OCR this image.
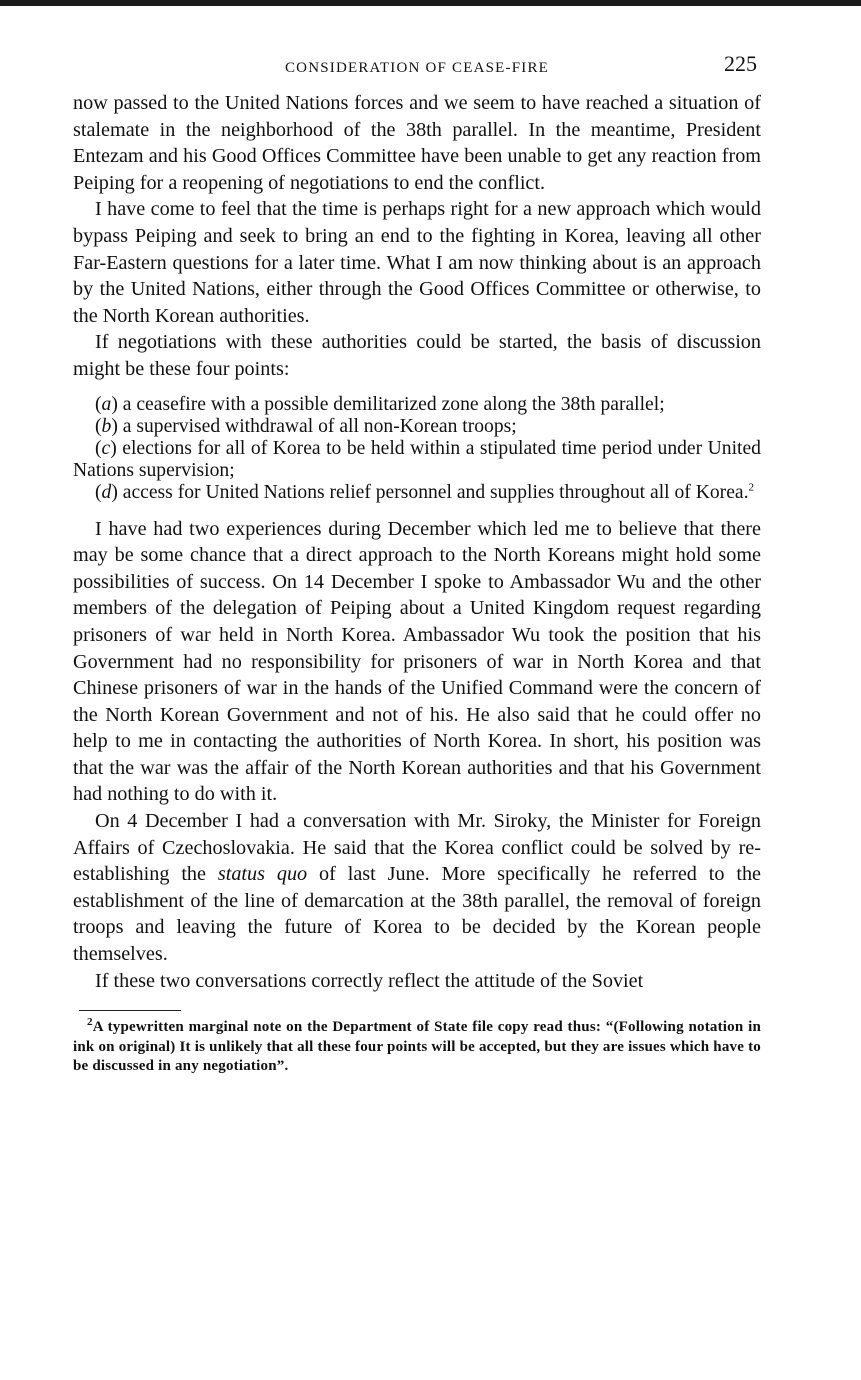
CONSIDERATION OF CEASE-FIRE	225

now passed to the United Nations forces and we seem to have reached a situation of stalemate in the neighborhood of the 38th parallel. In the meantime, President Entezam and his Good Offices Committee have been unable to get any reaction from Peiping for a reopening of negotiations to end the conflict.

I have come to feel that the time is perhaps right for a new approach which would bypass Peiping and seek to bring an end to the fighting in Korea, leaving all other Far-Eastern questions for a later time. What I am now thinking about is an approach by the United Nations, either through the Good Offices Committee or otherwise, to the North Korean authorities.

If negotiations with these authorities could be started, the basis of discussion might be these four points:

(a) a ceasefire with a possible demilitarized zone along the 38th parallel;

(b) a supervised withdrawal of all non-Korean troops;

(c) elections for all of Korea to be held within a stipulated time period under United Nations supervision;

(d) access for United Nations relief personnel and supplies throughout all of Korea.$^2$

I have had two experiences during December which led me to believe that there may be some chance that a direct approach to the North Koreans might hold some possibilities of success. On 14 December I spoke to Ambassador Wu and the other members of the delegation of Peiping about a United Kingdom request regarding prisoners of war held in North Korea. Ambassador Wu took the position that his Government had no responsibility for prisoners of war in North Korea and that Chinese prisoners of war in the hands of the Unified Command were the concern of the North Korean Government and not of his. He also said that he could offer no help to me in contacting the authorities of North Korea. In short, his position was that the war was the affair of the North Korean authorities and that his Government had nothing to do with it.

On 4 December I had a conversation with Mr. Siroky, the Minister for Foreign Affairs of Czechoslovakia. He said that the Korea conflict could be solved by re-establishing the status quo of last June. More specifically he referred to the establishment of the line of demarcation at the 38th parallel, the removal of foreign troops and leaving the future of Korea to be decided by the Korean people themselves.

If these two conversations correctly reflect the attitude of the Soviet

$^2$A typewritten marginal note on the Department of State file copy read thus: “(Following notation in ink on original) It is unlikely that all these four points will be accepted, but they are issues which have to be discussed in any negotiation”.
